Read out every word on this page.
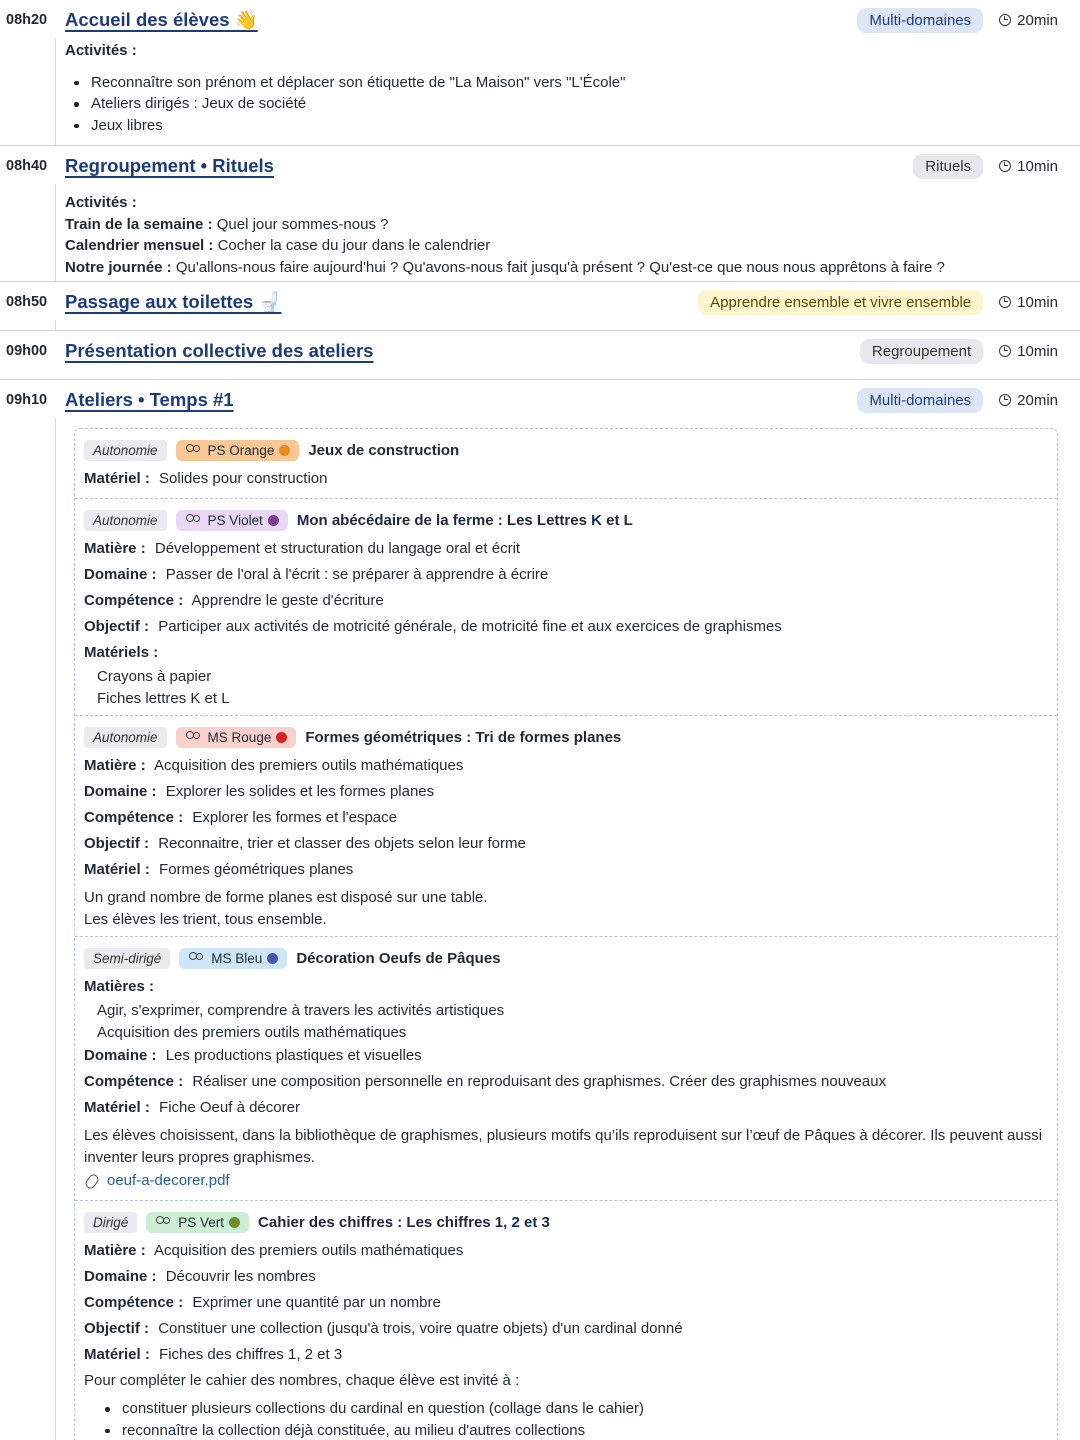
08h20 Accueil des élèves 👋	Multi-domaines	20min
Activités :
Reconnaître son prénom et déplacer son étiquette de "La Maison" vers "L'École"
Ateliers dirigés : Jeux de société
Jeux libres
08h40 Regroupement • Rituels	Rituels	10min
Activités :
Train de la semaine : Quel jour sommes-nous ?
Calendrier mensuel : Cocher la case du jour dans le calendrier
Notre journée : Qu'allons-nous faire aujourd'hui ? Qu'avons-nous fait jusqu'à présent ? Qu'est-ce que nous nous apprêtons à faire ?
08h50 Passage aux toilettes 🚽	Apprendre ensemble et vivre ensemble	10min
09h00 Présentation collective des ateliers	Regroupement	10min
09h10 Ateliers • Temps #1	Multi-domaines	20min
Autonomie	PS Orange Jeux de construction
Matériel : Solides pour construction
Autonomie	PS Violet Mon abécédaire de la ferme : Les Lettres K et L
Matière : Développement et structuration du langage oral et écrit
Domaine : Passer de l'oral à l'écrit : se préparer à apprendre à écrire
Compétence : Apprendre le geste d'écriture
Objectif : Participer aux activités de motricité générale, de motricité fine et aux exercices de graphismes
Matériels :
Crayons à papier
Fiches lettres K et L
Autonomie	MS Rouge Formes géométriques : Tri de formes planes
Matière : Acquisition des premiers outils mathématiques
Domaine : Explorer les solides et les formes planes
Compétence : Explorer les formes et l'espace
Objectif : Reconnaitre, trier et classer des objets selon leur forme
Matériel : Formes géométriques planes
Un grand nombre de forme planes est disposé sur une table.
Les élèves les trient, tous ensemble.
Semi-dirigé	MS Bleu Décoration Oeufs de Pâques
Matières :
Agir, s'exprimer, comprendre à travers les activités artistiques
Acquisition des premiers outils mathématiques
Domaine : Les productions plastiques et visuelles
Compétence : Réaliser une composition personnelle en reproduisant des graphismes. Créer des graphismes nouveaux
Matériel : Fiche Oeuf à décorer
Les élèves choisissent, dans la bibliothèque de graphismes, plusieurs motifs qu’ils reproduisent sur l’œuf de Pâques à décorer. Ils peuvent aussi inventer leurs propres graphismes.
oeuf-a-decorer.pdf
Dirigé	PS Vert Cahier des chiffres : Les chiffres 1, 2 et 3
Matière : Acquisition des premiers outils mathématiques
Domaine : Découvrir les nombres
Compétence : Exprimer une quantité par un nombre
Objectif : Constituer une collection (jusqu'à trois, voire quatre objets) d'un cardinal donné
Matériel : Fiches des chiffres 1, 2 et 3
Pour compléter le cahier des nombres, chaque élève est invité à :
constituer plusieurs collections du cardinal en question (collage dans le cahier)
reconnaître la collection déjà constituée, au milieu d'autres collections
